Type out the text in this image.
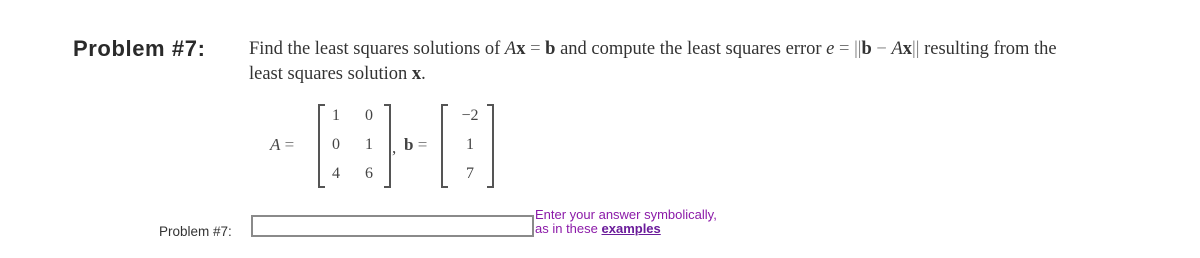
Problem #7: Find the least squares solutions of Ax = b and compute the least squares error e = ||b − Ax|| resulting from the
least squares solution x.
A =
1	0
0	1
4	6
, b =
−2
1
7
Problem #7:
Enter your answer symbolically,
as in these examples
